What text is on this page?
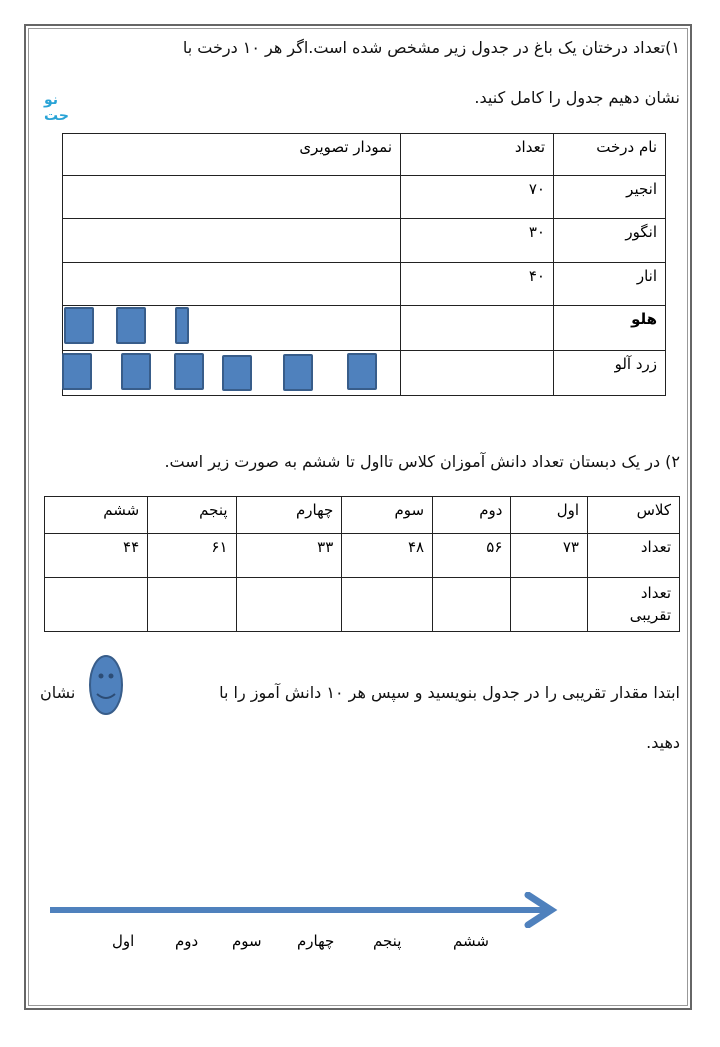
نو
حت
۱)تعداد درختان یک باغ در جدول زیر مشخص شده است.اگر هر ۱۰ درخت با
نشان دهیم جدول را کامل کنید.
نام درخت	تعداد	نمودار تصویری
انجیر	۷۰	
انگور	۳۰	
انار	۴۰	
هلو		
زرد آلو		
۲) در یک دبستان تعداد دانش آموزان کلاس تااول تا ششم به صورت زیر است.
کلاس	اول	دوم	سوم	چهارم	پنجم	ششم
تعداد	۷۳	۵۶	۴۸	۳۳	۶۱	۴۴
تعداد تقریبی						
ابتدا مقدار تقریبی را در جدول بنویسید و سپس هر ۱۰ دانش آموز را با
نشان
دهید.
ششم
پنجم
چهارم
سوم
دوم
اول
